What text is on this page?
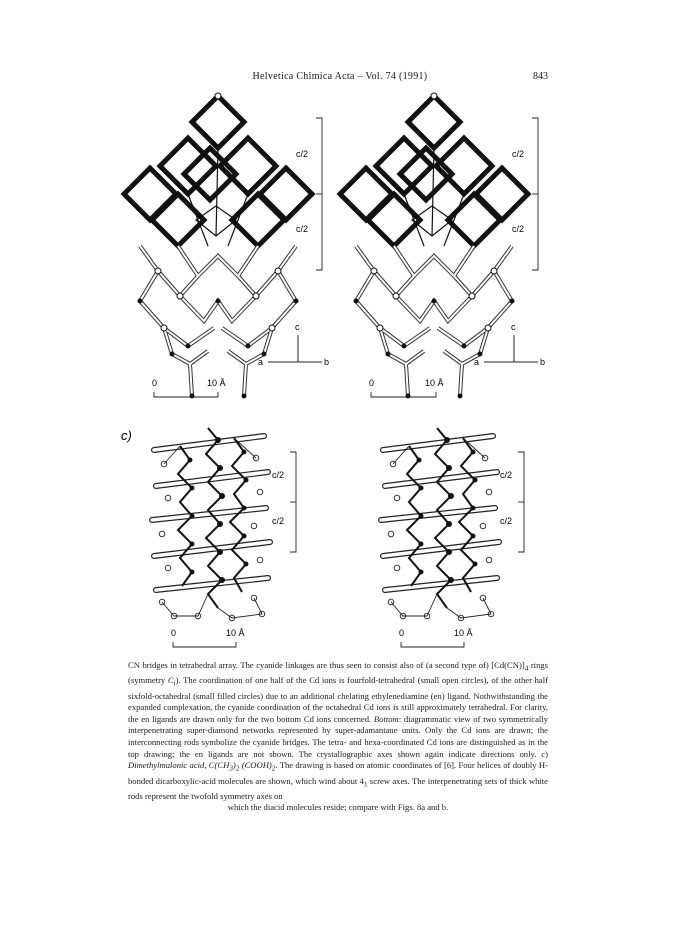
Helvetica Chimica Acta – Vol. 74 (1991)	843
c/2
c/2
c/2
c/2
c
a	b
c
a	b
0	10 Å	0	10 Å
c)
c/2
c/2
c/2
c/2
0	10 Å	0	10 Å
CN bridges in tetrahedral array. The cyanide linkages are thus seen to consist also of (a second type of) $[Cd(CN)]_4$ rings (symmetry $C_i$). The coordination of one half of the Cd ions is fourfold-tetrahedral (small open circles), of the other half sixfold-octahedral (small filled circles) due to an additional chelating ethylenediamine (en) ligand. Nothwithstanding the expanded complexation, the cyanide coordination of the octahedral Cd ions is still approximately tetrahedral. For clarity, the en ligands are drawn only for the two bottom Cd ions concerned. Bottom: diagrammatic view of two symmetrically interpenetrating super-diamond networks represented by super-adamantane units. Only the Cd ions are drawn; the interconnecting rods symbolize the cyanide bridges. The tetra- and hexa-coordinated Cd ions are distinguished as in the top drawing; the en ligands are not shown. The crystallographic axes shown again indicate directions only. c) Dimethylmalonic acid, $C(CH_3)_2$ $(COOH)_2$. The drawing is based on atomic coordinates of [6]. Four helices of doubly H-bonded dicarboxylic-acid molecules are shown, which wind about $4_1$ screw axes. The interpenetrating sets of thick white rods represent the twofold symmetry axes on
which the diacid molecules reside; compare with Figs. 8a and b.
